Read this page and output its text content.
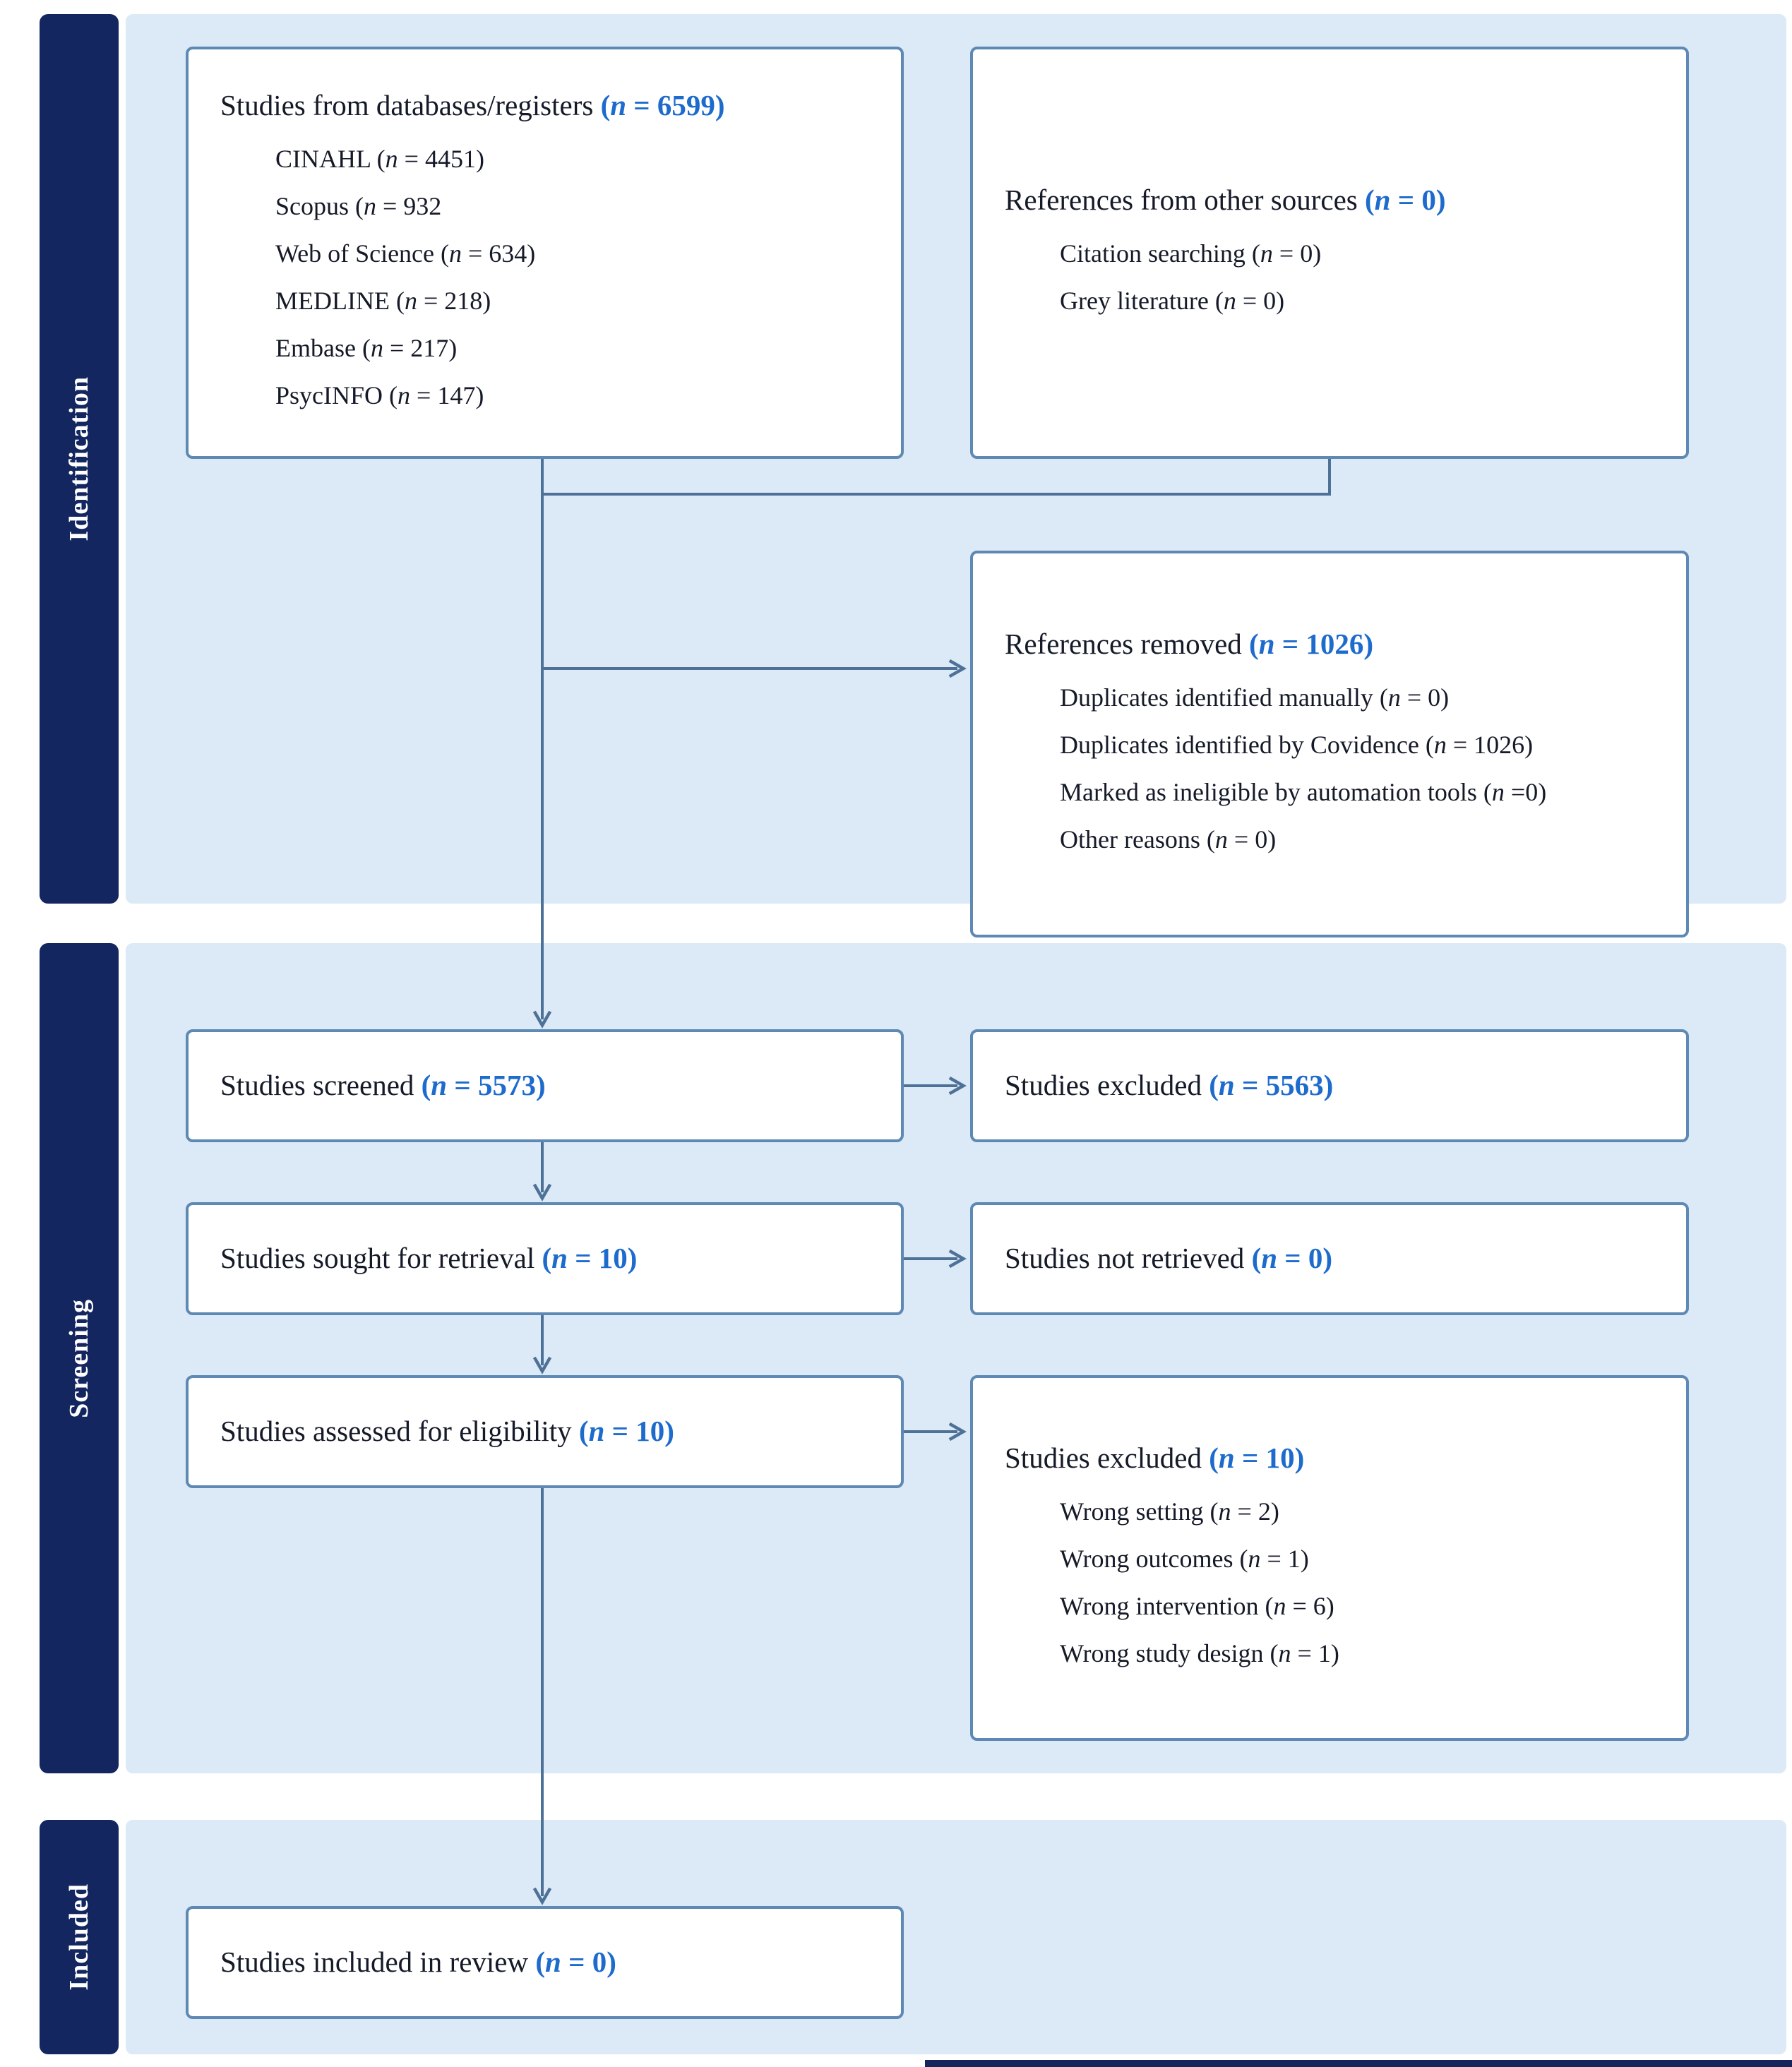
Identification
Screening
Included
Studies from databases/registers (n = 6599)
CINAHL (n = 4451)
Scopus (n = 932
Web of Science (n = 634)
MEDLINE (n = 218)
Embase (n = 217)
PsycINFO (n = 147)
References from other sources (n = 0)
Citation searching (n = 0)
Grey literature (n = 0)
References removed (n = 1026)
Duplicates identified manually (n = 0)
Duplicates identified by Covidence (n = 1026)
Marked as ineligible by automation tools (n =0)
Other reasons (n = 0)
Studies screened (n = 5573)	Studies excluded (n = 5563)
Studies sought for retrieval (n = 10)	Studies not retrieved (n = 0)
Studies assessed for eligibility (n = 10)
Studies excluded (n = 10)
Wrong setting (n = 2)
Wrong outcomes (n = 1)
Wrong intervention (n = 6)
Wrong study design (n = 1)
Studies included in review (n = 0)
